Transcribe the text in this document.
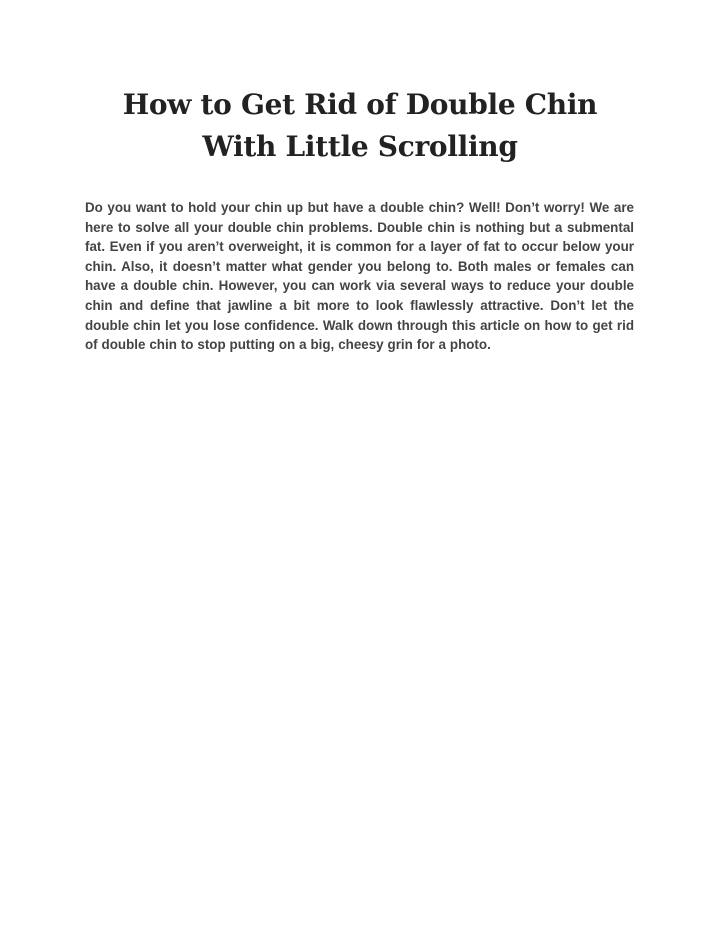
How to Get Rid of Double Chin
With Little Scrolling

Do you want to hold your chin up but have a double chin? Well! Don’t worry! We are here to solve all your double chin problems. Double chin is nothing but a submental fat. Even if you aren’t overweight, it is common for a layer of fat to occur below your chin. Also, it doesn’t matter what gender you belong to. Both males or females can have a double chin. However, you can work via several ways to reduce your double chin and define that jawline a bit more to look flawlessly attractive. Don’t let the double chin let you lose confidence. Walk down through this article on how to get rid of double chin to stop putting on a big, cheesy grin for a photo.
